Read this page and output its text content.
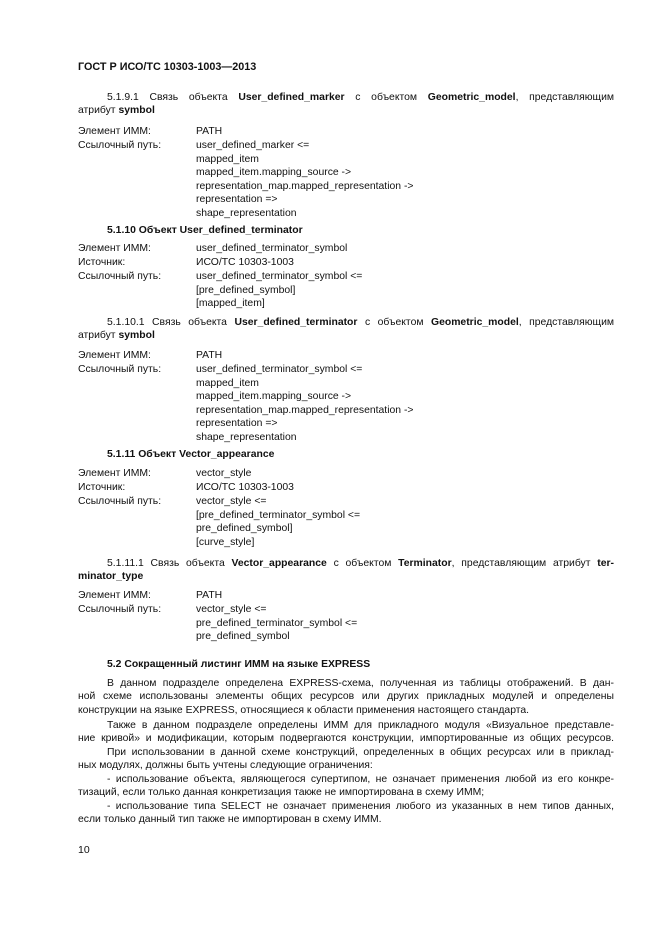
ГОСТ Р ИСО/ТС 10303-1003—2013
5.1.9.1 Связь объекта User_defined_marker с объектом Geometric_model, представляющим
атрибут symbol
Элемент ИММ:	PATH
Ссылочный путь:	user_defined_marker <=
mapped_item
mapped_item.mapping_source ->
representation_map.mapped_representation ->
representation =>
shape_representation
5.1.10 Объект User_defined_terminator
Элемент ИММ:	user_defined_terminator_symbol
Источник:	ИСО/ТС 10303-1003
Ссылочный путь:	user_defined_terminator_symbol <=
[pre_defined_symbol]
[mapped_item]
5.1.10.1 Связь объекта User_defined_terminator с объектом Geometric_model, представляющим
атрибут symbol
Элемент ИММ:	PATH
Ссылочный путь:	user_defined_terminator_symbol <=
mapped_item
mapped_item.mapping_source ->
representation_map.mapped_representation ->
representation =>
shape_representation
5.1.11 Объект Vector_appearance
Элемент ИММ:	vector_style
Источник:	ИСО/ТС 10303-1003
Ссылочный путь:	vector_style <=
[pre_defined_terminator_symbol <=
pre_defined_symbol]
[curve_style]
5.1.11.1 Связь объекта Vector_appearance с объектом Terminator, представляющим атрибут ter-
minator_type
Элемент ИММ:	PATH
Ссылочный путь:	vector_style <=
pre_defined_terminator_symbol <=
pre_defined_symbol
5.2 Сокращенный листинг ИММ на языке EXPRESS
В данном подразделе определена EXPRESS-схема, полученная из таблицы отображений. В дан-
ной схеме использованы элементы общих ресурсов или других прикладных модулей и определены
конструкции на языке EXPRESS, относящиеся к области применения настоящего стандарта.
Также в данном подразделе определены ИММ для прикладного модуля «Визуальное представле-
ние кривой» и модификации, которым подвергаются конструкции, импортированные из общих ресурсов.
При использовании в данной схеме конструкций, определенных в общих ресурсах или в приклад-
ных модулях, должны быть учтены следующие ограничения:
- использование объекта, являющегося супертипом, не означает применения любой из его конкре-
тизаций, если только данная конкретизация также не импортирована в схему ИММ;
- использование типа SELECT не означает применения любого из указанных в нем типов данных,
если только данный тип также не импортирован в схему ИММ.
10
